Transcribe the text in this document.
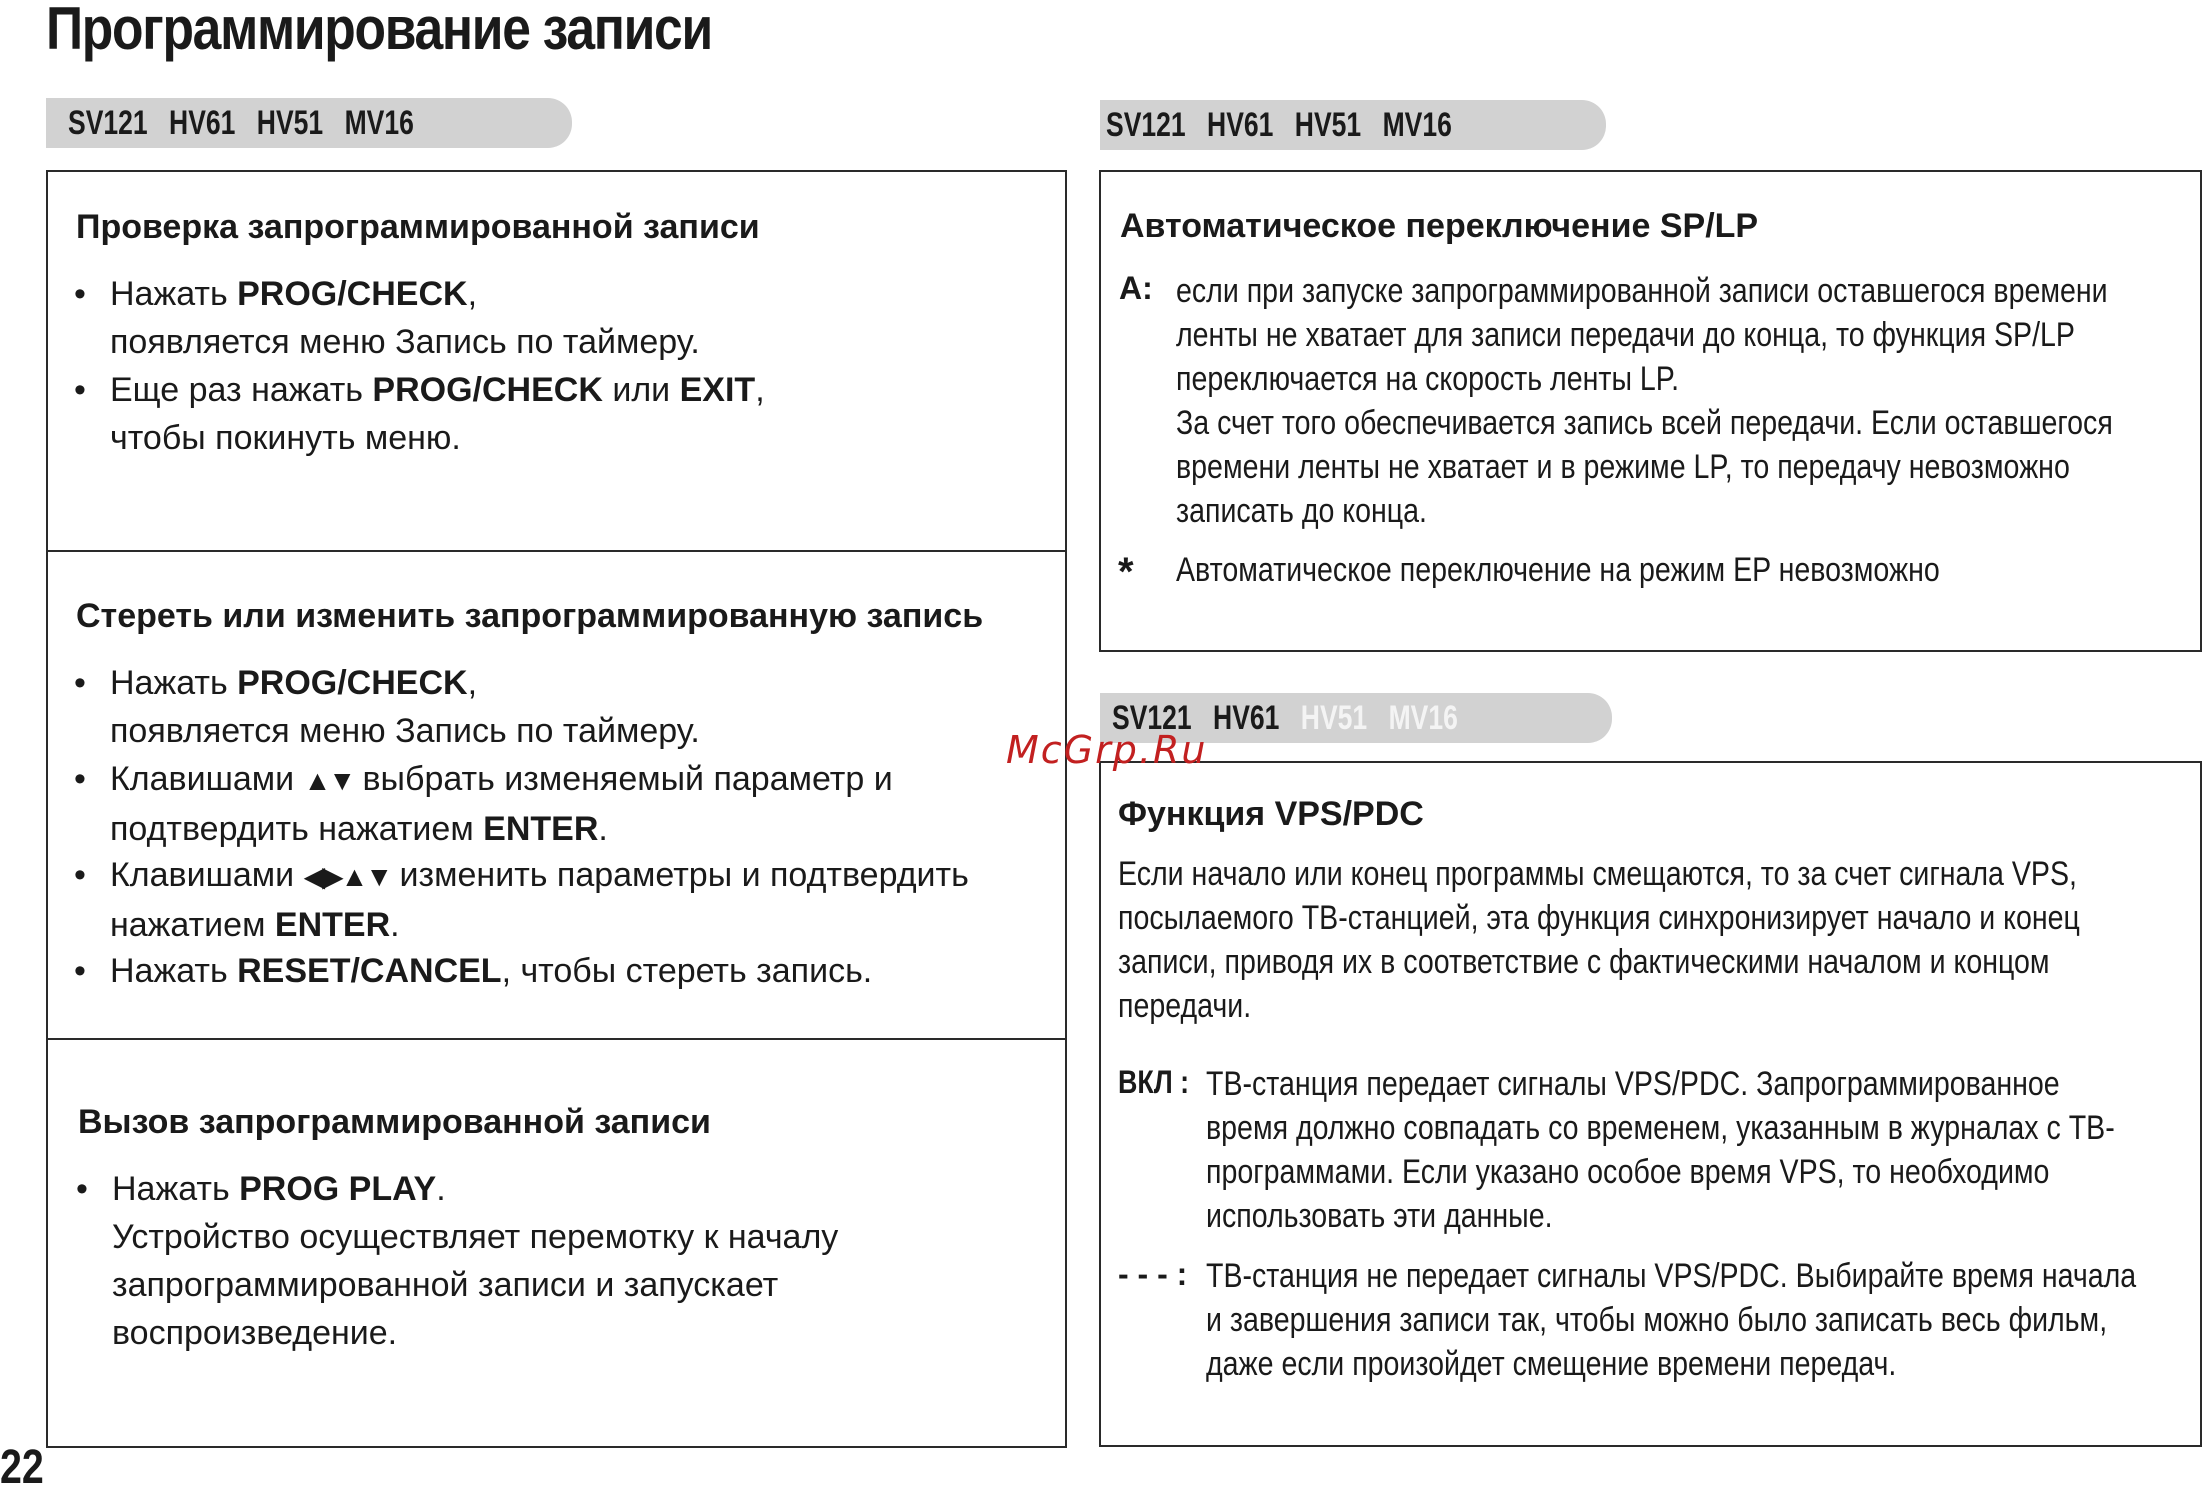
Программирование записи
SV121 HV61 HV51 MV16	SV121 HV61 HV51 MV16
SV121 HV61 HV51 MV16
Проверка запрограммированной записи
• Нажать PROG/CHECK,
появляется меню Запись по таймеру.
• Еще раз нажать PROG/CHECK или EXIT,
чтобы покинуть меню.
Стереть или изменить запрограммированную запись
• Нажать PROG/CHECK,
появляется меню Запись по таймеру.
• Клавишами ▲▼ выбрать изменяемый параметр и
подтвердить нажатием ENTER.
• Клавишами ◀▶▲▼ изменить параметры и подтвердить
нажатием ENTER.
• Нажать RESET/CANCEL, чтобы стереть запись.
Вызов запрограммированной записи
• Нажать PROG PLAY.
Устройство осуществляет перемотку к началу
запрограммированной записи и запускает
воспроизведение.
Автоматическое переключение SP/LP
A: если при запуске запрограммированной записи оставшегося времени
ленты не хватает для записи передачи до конца, то функция SP/LP
переключается на скорость ленты LP.
За счет того обеспечивается запись всей передачи. Если оставшегося
времени ленты не хватает и в режиме LP, то передачу невозможно
записать до конца.
* Автоматическое переключение на режим EP невозможно
Функция VPS/PDC
Если начало или конец программы смещаются, то за счет сигнала VPS,
посылаемого ТВ-станцией, эта функция синхронизирует начало и конец
записи, приводя их в соответствие с фактическими началом и концом
передачи.
ВКЛ : ТВ-станция передает сигналы VPS/PDC. Запрограммированное
время должно совпадать со временем, указанным в журналах с ТВ-
программами. Если указано особое время VPS, то необходимо
использовать эти данные.
- - - : ТВ-станция не передает сигналы VPS/PDC. Выбирайте время начала
и завершения записи так, чтобы можно было записать весь фильм,
даже если произойдет смещение времени передач.
McGrp.Ru
22
